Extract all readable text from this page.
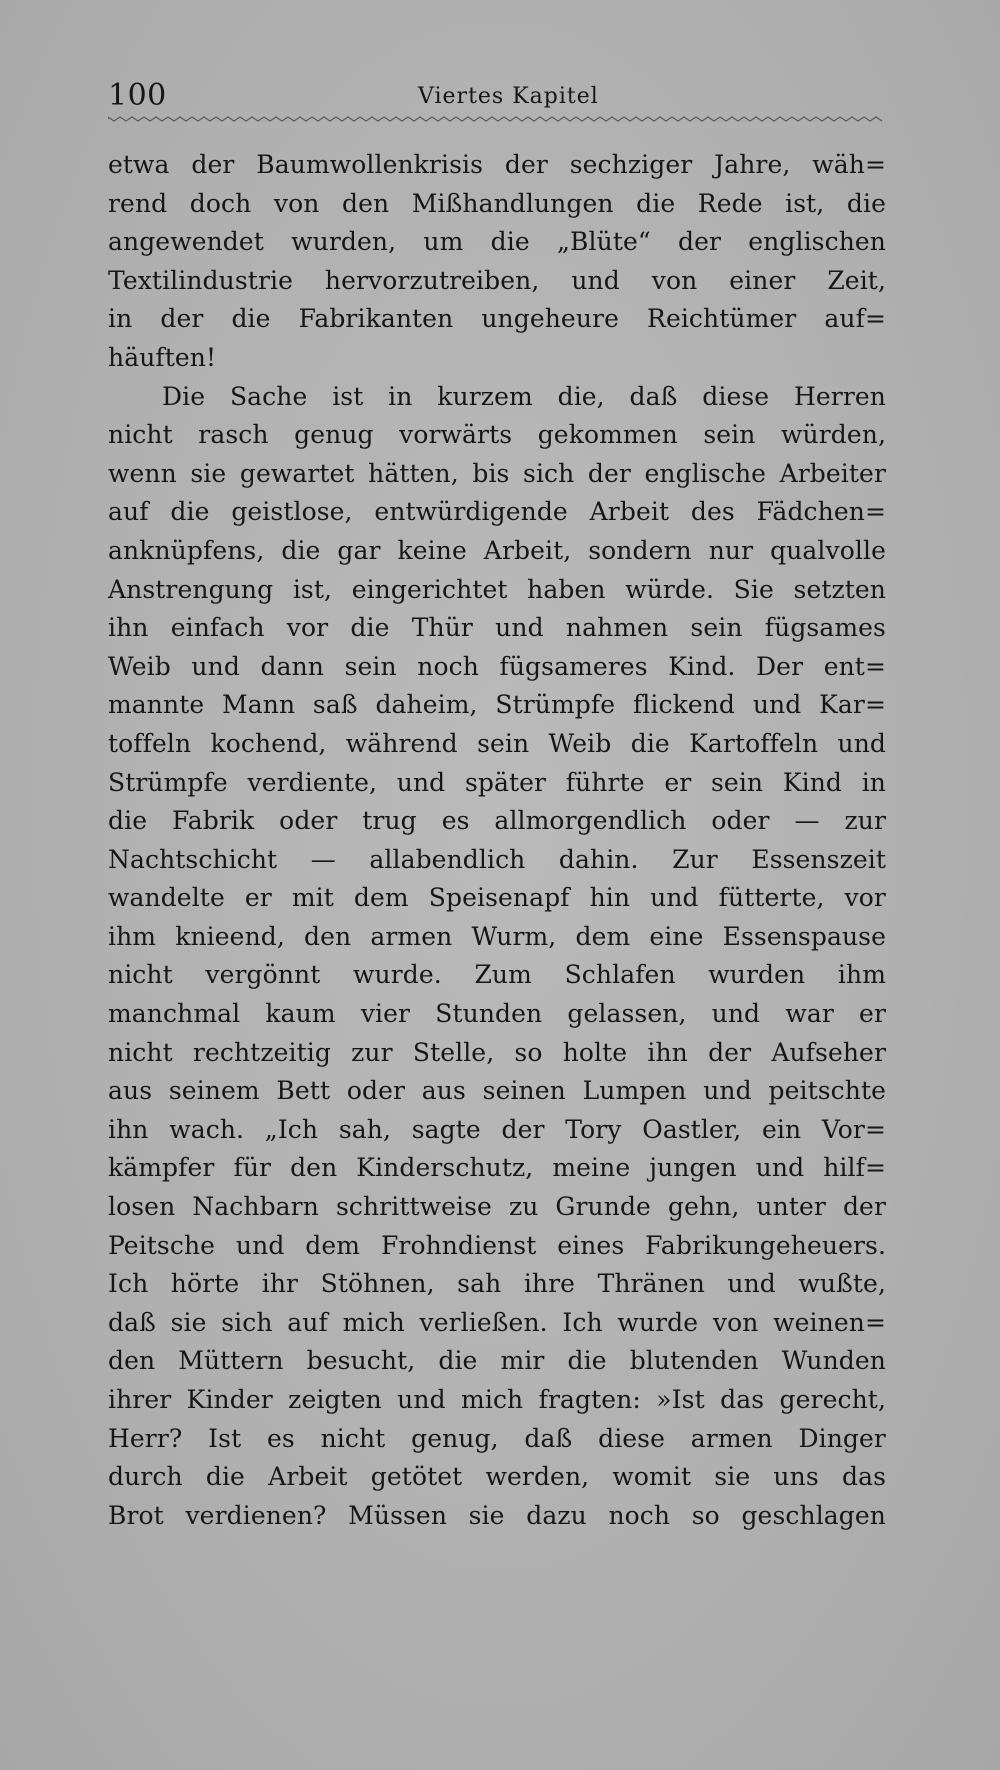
100	Viertes Kapitel
etwa der Baumwollenkrisis der sechziger Jahre, wäh=
rend doch von den Mißhandlungen die Rede ist, die
angewendet wurden, um die „Blüte“ der englischen
Textilindustrie hervorzutreiben, und von einer Zeit,
in der die Fabrikanten ungeheure Reichtümer auf=
häuften!
Die Sache ist in kurzem die, daß diese Herren
nicht rasch genug vorwärts gekommen sein würden,
wenn sie gewartet hätten, bis sich der englische Arbeiter
auf die geistlose, entwürdigende Arbeit des Fädchen=
anknüpfens, die gar keine Arbeit, sondern nur qualvolle
Anstrengung ist, eingerichtet haben würde. Sie setzten
ihn einfach vor die Thür und nahmen sein fügsames
Weib und dann sein noch fügsameres Kind. Der ent=
mannte Mann saß daheim, Strümpfe flickend und Kar=
toffeln kochend, während sein Weib die Kartoffeln und
Strümpfe verdiente, und später führte er sein Kind in
die Fabrik oder trug es allmorgendlich oder — zur
Nachtschicht — allabendlich dahin. Zur Essenszeit
wandelte er mit dem Speisenapf hin und fütterte, vor
ihm knieend, den armen Wurm, dem eine Essenspause
nicht vergönnt wurde. Zum Schlafen wurden ihm
manchmal kaum vier Stunden gelassen, und war er
nicht rechtzeitig zur Stelle, so holte ihn der Aufseher
aus seinem Bett oder aus seinen Lumpen und peitschte
ihn wach. „Ich sah, sagte der Tory Oastler, ein Vor=
kämpfer für den Kinderschutz, meine jungen und hilf=
losen Nachbarn schrittweise zu Grunde gehn, unter der
Peitsche und dem Frohndienst eines Fabrikungeheuers.
Ich hörte ihr Stöhnen, sah ihre Thränen und wußte,
daß sie sich auf mich verließen. Ich wurde von weinen=
den Müttern besucht, die mir die blutenden Wunden
ihrer Kinder zeigten und mich fragten: »Ist das gerecht,
Herr? Ist es nicht genug, daß diese armen Dinger
durch die Arbeit getötet werden, womit sie uns das
Brot verdienen? Müssen sie dazu noch so geschlagen
